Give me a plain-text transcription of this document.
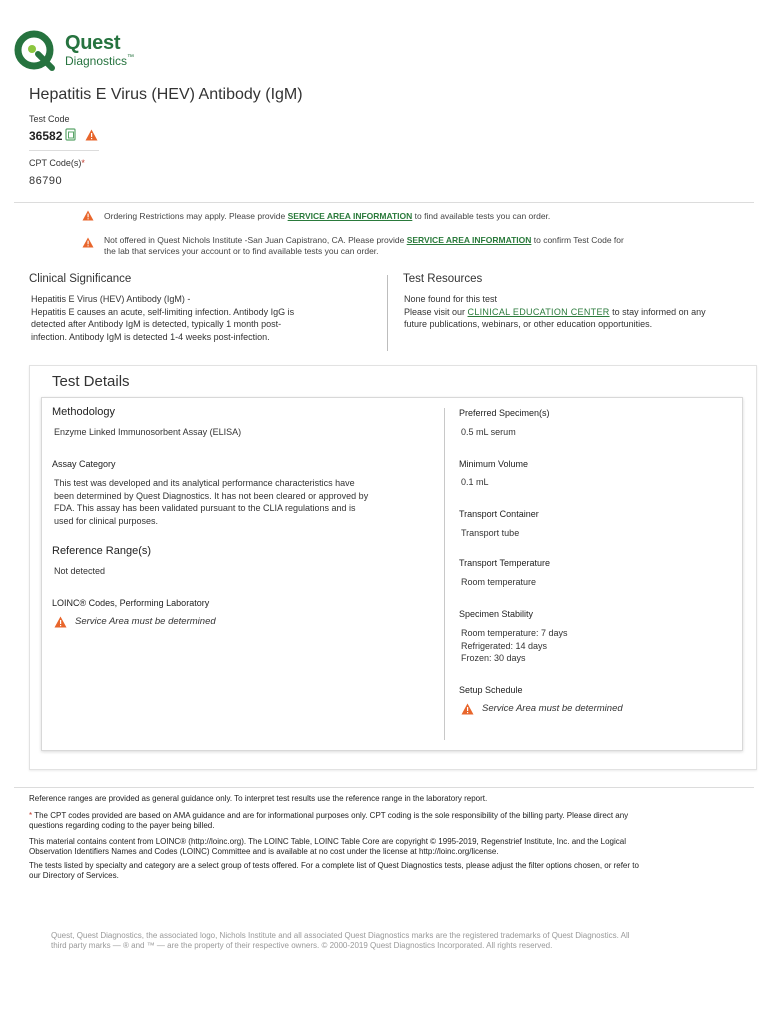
Quest
Diagnostics™
Hepatitis E Virus (HEV) Antibody (IgM)
Test Code
36582
CPT Code(s)*
86790
Ordering Restrictions may apply. Please provide SERVICE AREA INFORMATION to find available tests you can order.
Not offered in Quest Nichols Institute -San Juan Capistrano, CA. Please provide SERVICE AREA INFORMATION to confirm Test Code for
the lab that services your account or to find available tests you can order.
Clinical Significance
Hepatitis E Virus (HEV) Antibody (IgM) -
Hepatitis E causes an acute, self-limiting infection. Antibody IgG is
detected after Antibody IgM is detected, typically 1 month post-
infection. Antibody IgM is detected 1-4 weeks post-infection.
Test Resources
None found for this test
Please visit our CLINICAL EDUCATION CENTER to stay informed on any
future publications, webinars, or other education opportunities.
Test Details
Methodology
Enzyme Linked Immunosorbent Assay (ELISA)
Assay Category
This test was developed and its analytical performance characteristics have
been determined by Quest Diagnostics. It has not been cleared or approved by
FDA. This assay has been validated pursuant to the CLIA regulations and is
used for clinical purposes.
Reference Range(s)
Not detected
LOINC® Codes, Performing Laboratory
Service Area must be determined
Preferred Specimen(s)
0.5 mL serum
Minimum Volume
0.1 mL
Transport Container
Transport tube
Transport Temperature
Room temperature
Specimen Stability
Room temperature: 7 days
Refrigerated: 14 days
Frozen: 30 days
Setup Schedule
Service Area must be determined
Reference ranges are provided as general guidance only. To interpret test results use the reference range in the laboratory report.
* The CPT codes provided are based on AMA guidance and are for informational purposes only. CPT coding is the sole responsibility of the billing party. Please direct any
questions regarding coding to the payer being billed.
This material contains content from LOINC® (http://loinc.org). The LOINC Table, LOINC Table Core are copyright © 1995-2019, Regenstrief Institute, Inc. and the Logical
Observation Identifiers Names and Codes (LOINC) Committee and is available at no cost under the license at http://loinc.org/license.
The tests listed by specialty and category are a select group of tests offered. For a complete list of Quest Diagnostics tests, please adjust the filter options chosen, or refer to
our Directory of Services.
Quest, Quest Diagnostics, the associated logo, Nichols Institute and all associated Quest Diagnostics marks are the registered trademarks of Quest Diagnostics. All
third party marks — ® and ™ — are the property of their respective owners. © 2000-2019 Quest Diagnostics Incorporated. All rights reserved.
